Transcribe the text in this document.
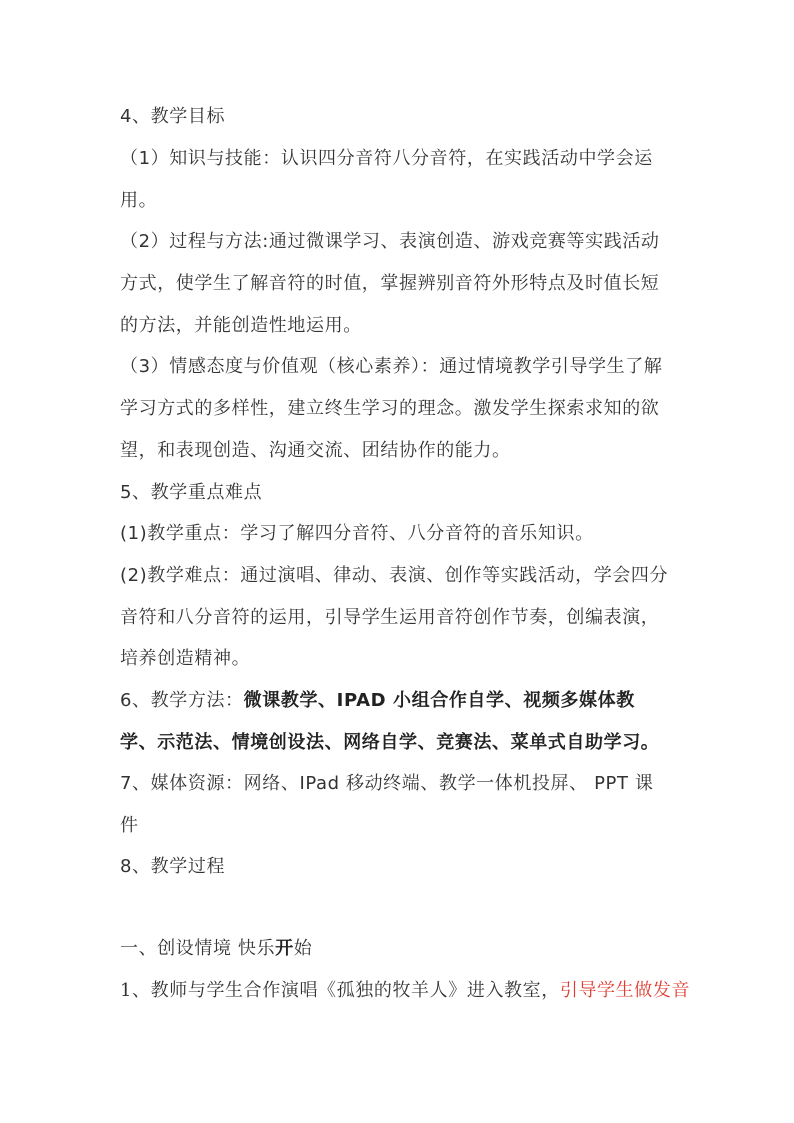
4、教学目标
（1）知识与技能：认识四分音符八分音符，在实践活动中学会运
用。
（2）过程与方法:通过微课学习、表演创造、游戏竞赛等实践活动
方式，使学生了解音符的时值，掌握辨别音符外形特点及时值长短
的方法，并能创造性地运用。
（3）情感态度与价值观（核心素养）：通过情境教学引导学生了解
学习方式的多样性，建立终生学习的理念。激发学生探索求知的欲
望，和表现创造、沟通交流、团结协作的能力。
5、教学重点难点
(1)教学重点：学习了解四分音符、八分音符的音乐知识。
(2)教学难点：通过演唱、律动、表演、创作等实践活动，学会四分
音符和八分音符的运用，引导学生运用音符创作节奏，创编表演，
培养创造精神。
6、教学方法：微课教学、IPAD 小组合作自学、视频多媒体教
学、示范法、情境创设法、网络自学、竞赛法、菜单式自助学习。
7、媒体资源：网络、IPad 移动终端、教学一体机投屏、 PPT 课
件
8、教学过程
一、创设情境 快乐开始
1、教师与学生合作演唱《孤独的牧羊人》进入教室，引导学生做发音
